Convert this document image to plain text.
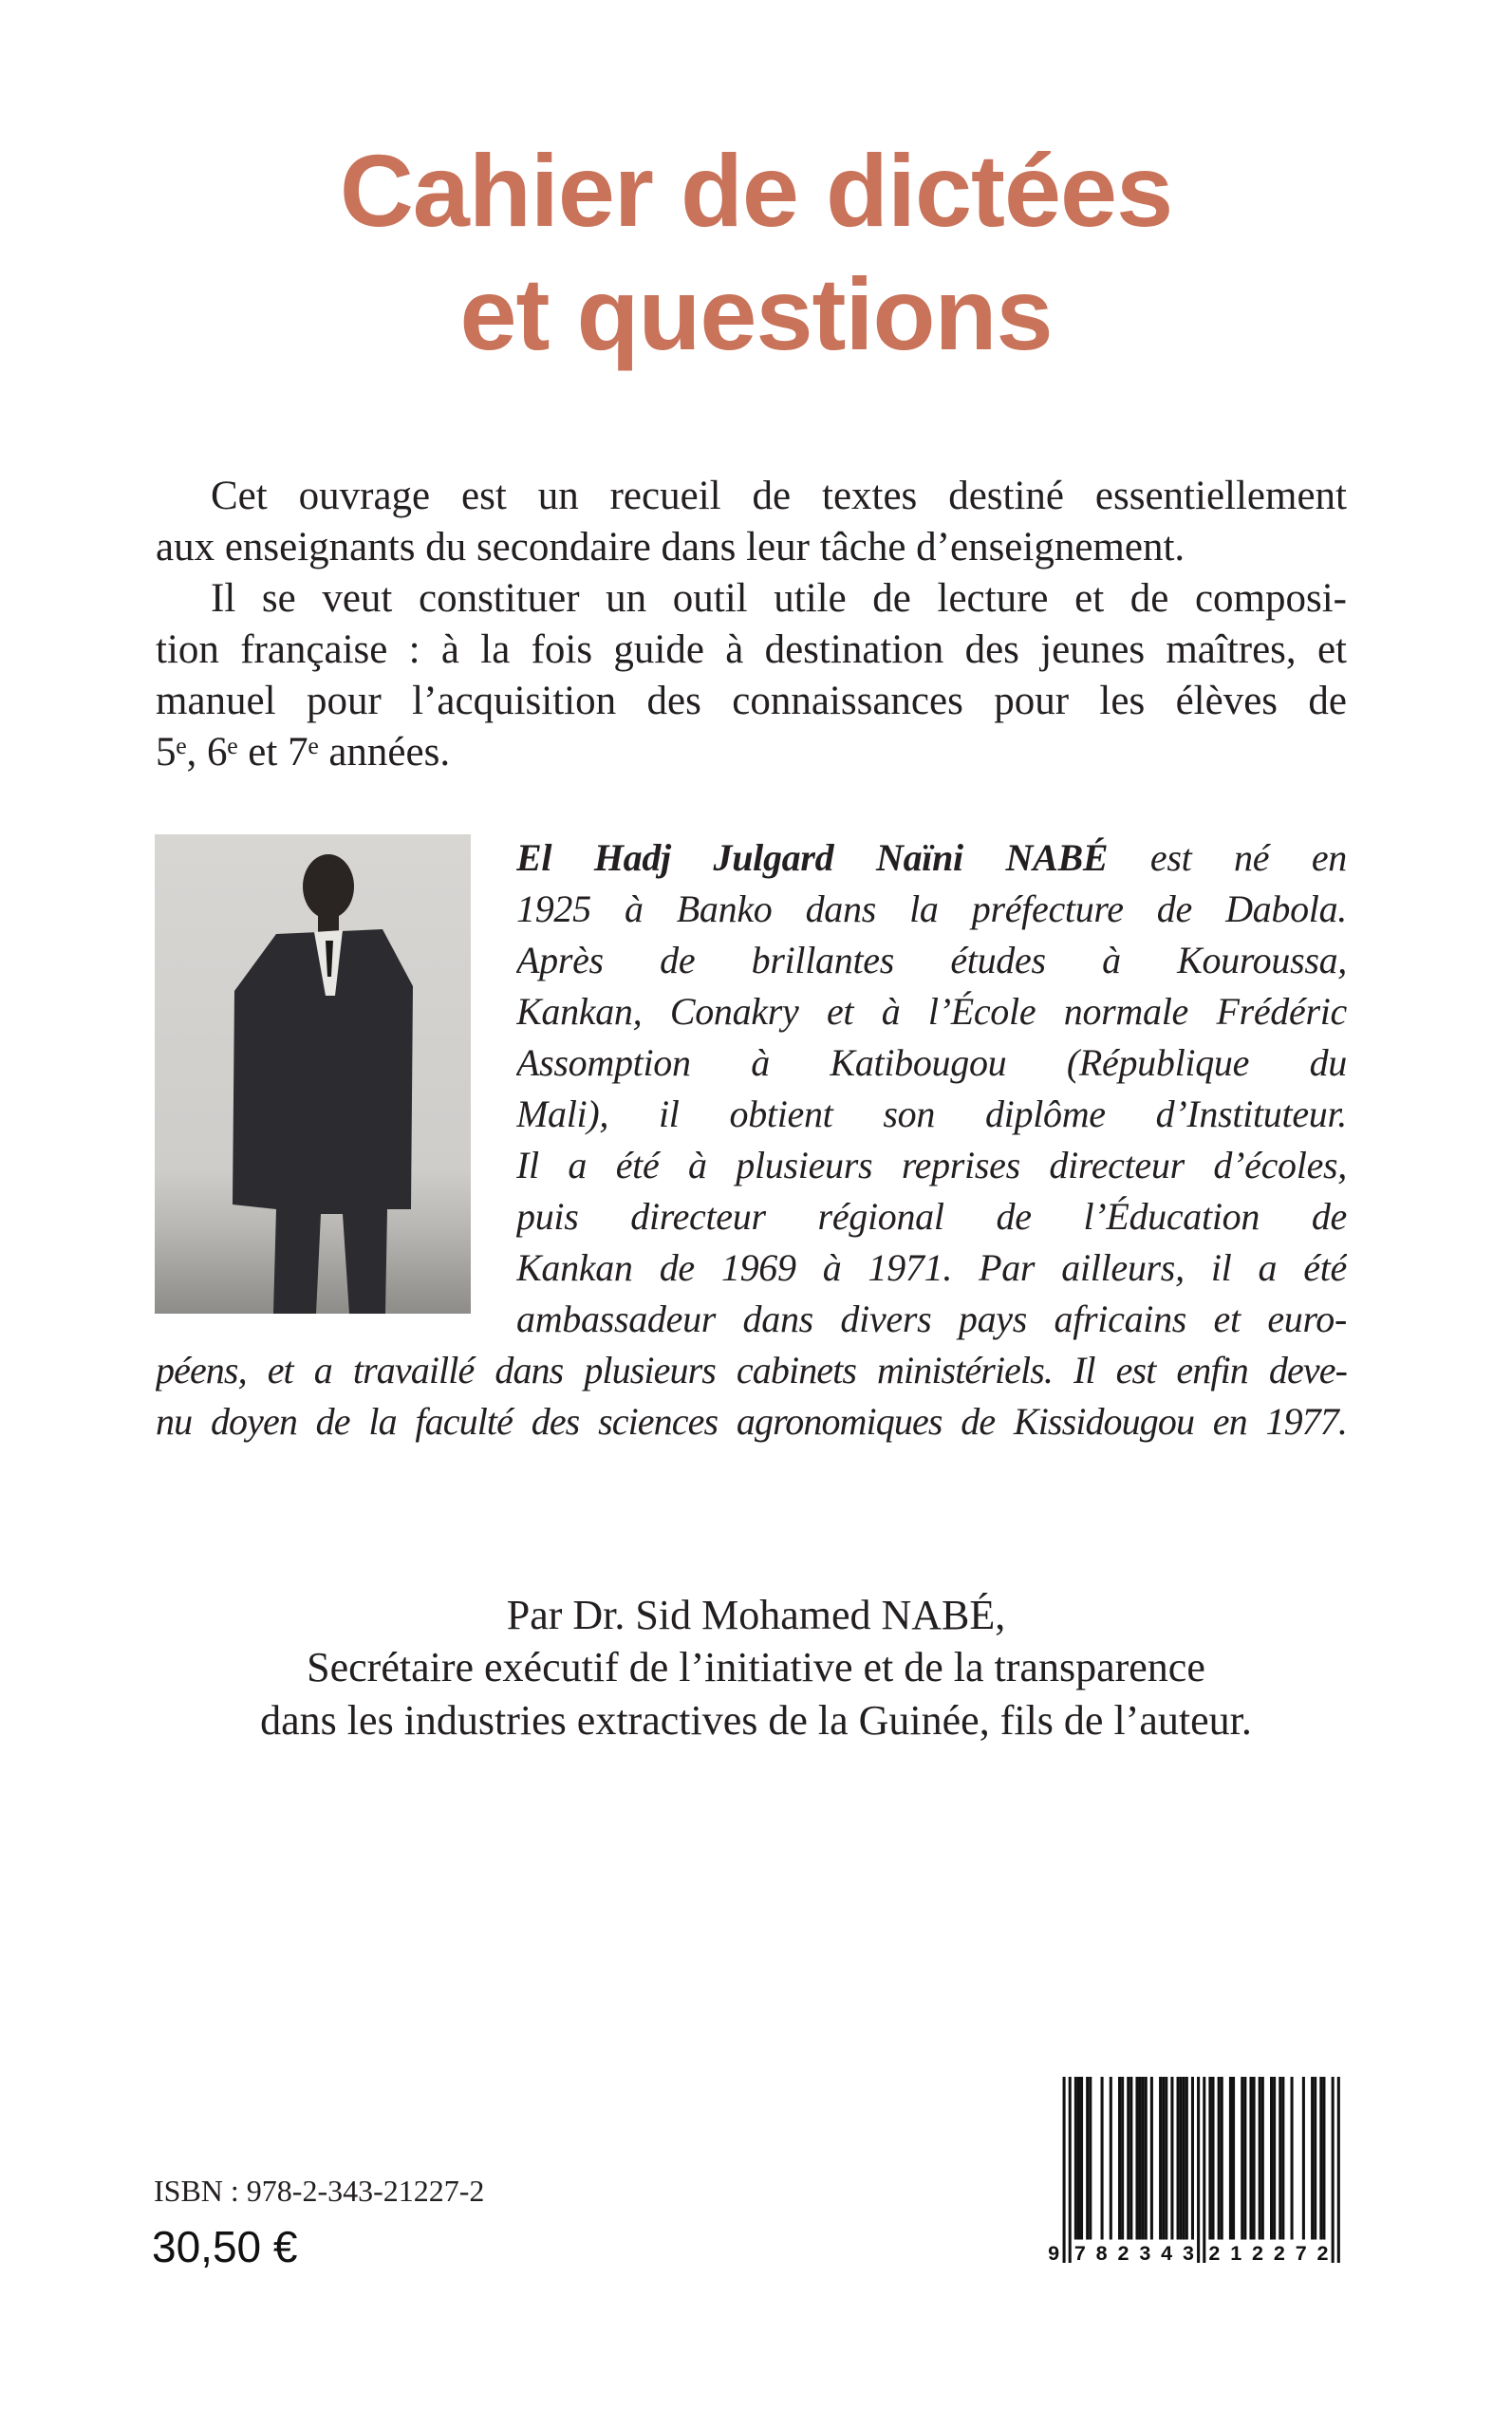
Cahier de dictées
et questions
Cet ouvrage est un recueil de textes destiné essentiellement
aux enseignants du secondaire dans leur tâche d’enseignement.
Il se veut constituer un outil utile de lecture et de composi-
tion française : à la fois guide à destination des jeunes maîtres, et
manuel pour l’acquisition des connaissances pour les élèves de
5ᵉ, 6ᵉ et 7ᵉ années.
El Hadj Julgard Naïni NABÉ est né en
1925 à Banko dans la préfecture de Dabola.
Après de brillantes études à Kouroussa,
Kankan, Conakry et à l’École normale Frédéric
Assomption à Katibougou (République du
Mali), il obtient son diplôme d’Instituteur.
Il a été à plusieurs reprises directeur d’écoles,
puis directeur régional de l’Éducation de
Kankan de 1969 à 1971. Par ailleurs, il a été
ambassadeur dans divers pays africains et euro-
péens, et a travaillé dans plusieurs cabinets ministériels. Il est enfin deve-
nu doyen de la faculté des sciences agronomiques de Kissidougou en 1977.
Par Dr. Sid Mohamed NABÉ,
Secrétaire exécutif de l’initiative et de la transparence
dans les industries extractives de la Guinée, fils de l’auteur.
ISBN : 978-2-343-21227-2
30,50 €	9 782343 212272
